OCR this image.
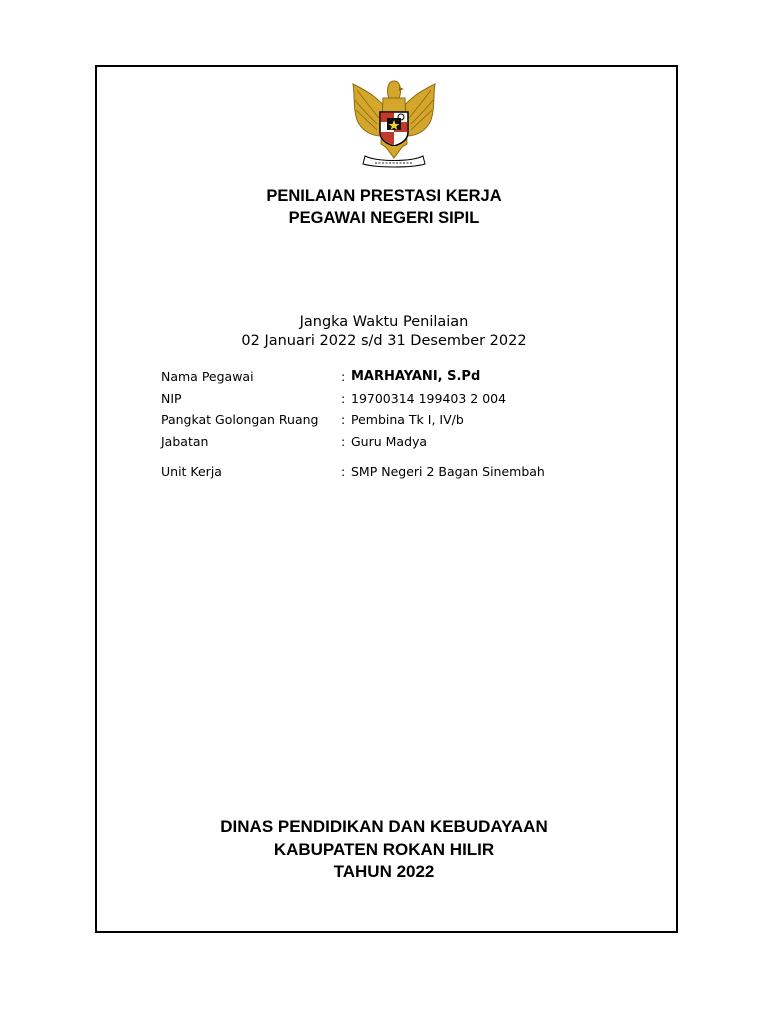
PENILAIAN PRESTASI KERJA
PEGAWAI NEGERI SIPIL
Jangka Waktu Penilaian
02 Januari 2022 s/d 31 Desember 2022
Nama Pegawai	: MARHAYANI, S.Pd
NIP	: 19700314 199403 2 004
Pangkat Golongan Ruang : Pembina Tk I, IV/b
Jabatan	: Guru Madya
Unit Kerja	: SMP Negeri 2 Bagan Sinembah
DINAS PENDIDIKAN DAN KEBUDAYAAN
KABUPATEN ROKAN HILIR
TAHUN 2022
